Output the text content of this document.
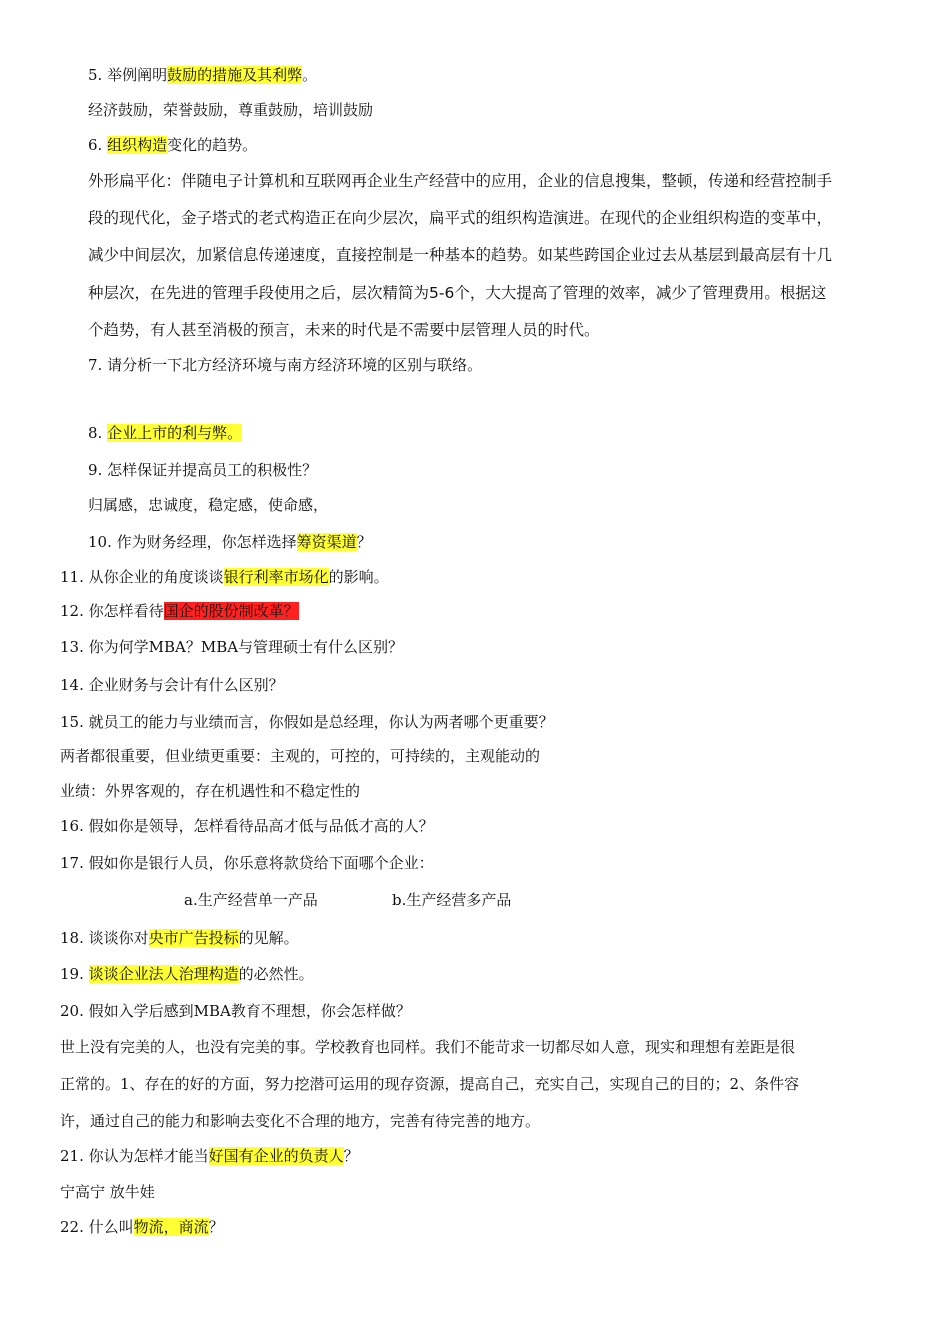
5. 举例阐明鼓励的措施及其利弊。
经济鼓励，荣誉鼓励，尊重鼓励，培训鼓励
6. 组织构造变化的趋势。
外形扁平化：伴随电子计算机和互联网再企业生产经营中的应用，企业的信息搜集，整顿，传递和经营控制手
段的现代化，金子塔式的老式构造正在向少层次，扁平式的组织构造演进。在现代的企业组织构造的变革中，
减少中间层次，加紧信息传递速度，直接控制是一种基本的趋势。如某些跨国企业过去从基层到最高层有十几
种层次，在先进的管理手段使用之后，层次精简为5-6个，大大提高了管理的效率，减少了管理费用。根据这
个趋势，有人甚至消极的预言，未来的时代是不需要中层管理人员的时代。
7. 请分析一下北方经济环境与南方经济环境的区别与联络。
8. 企业上市的利与弊。
9. 怎样保证并提高员工的积极性？
归属感，忠诚度，稳定感，使命感，
10. 作为财务经理，你怎样选择筹资渠道？
11. 从你企业的角度谈谈银行利率市场化的影响。
12. 你怎样看待国企的股份制改革？
13. 你为何学MBA？MBA与管理硕士有什么区别？
14. 企业财务与会计有什么区别？
15. 就员工的能力与业绩而言，你假如是总经理，你认为两者哪个更重要？
两者都很重要，但业绩更重要：主观的，可控的，可持续的，主观能动的
业绩：外界客观的，存在机遇性和不稳定性的
16. 假如你是领导，怎样看待品高才低与品低才高的人？
17. 假如你是银行人员，你乐意将款贷给下面哪个企业：
a.生产经营单一产品	b.生产经营多产品
18. 谈谈你对央市广告投标的见解。
19. 谈谈企业法人治理构造的必然性。
20. 假如入学后感到MBA教育不理想，你会怎样做？
世上没有完美的人，也没有完美的事。学校教育也同样。我们不能苛求一切都尽如人意，现实和理想有差距是很
正常的。1、存在的好的方面，努力挖潜可运用的现存资源，提高自己，充实自己，实现自己的目的；2、条件容
许，通过自己的能力和影响去变化不合理的地方，完善有待完善的地方。
21. 你认为怎样才能当好国有企业的负责人？
宁高宁 放牛娃
22. 什么叫物流，商流？
